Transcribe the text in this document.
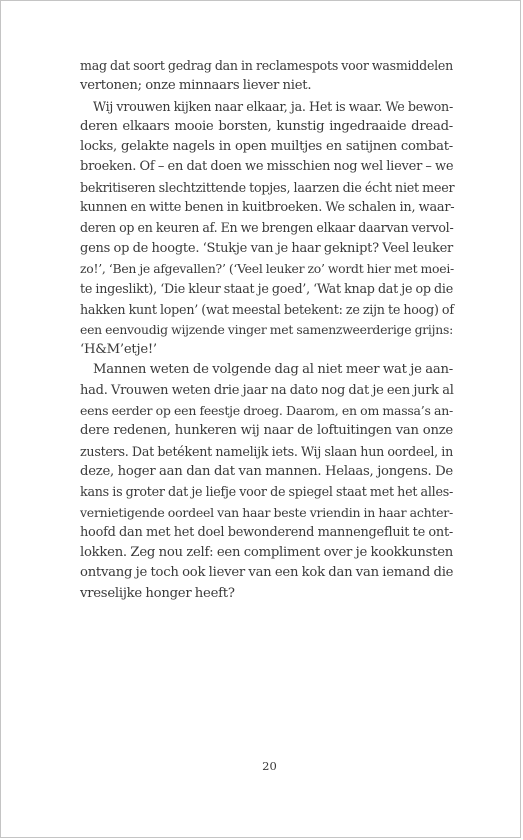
mag dat soort gedrag dan in reclamespots voor wasmiddelen
vertonen; onze minnaars liever niet.
Wij vrouwen kijken naar elkaar, ja. Het is waar. We bewon-
deren elkaars mooie borsten, kunstig ingedraaide dread-
locks, gelakte nagels in open muiltjes en satijnen combat-
broeken. Of – en dat doen we misschien nog wel liever – we
bekritiseren slechtzittende topjes, laarzen die écht niet meer
kunnen en witte benen in kuitbroeken. We schalen in, waar-
deren op en keuren af. En we brengen elkaar daarvan vervol-
gens op de hoogte. ‘Stukje van je haar geknipt? Veel leuker
zo!’, ‘Ben je afgevallen?’ (‘Veel leuker zo’ wordt hier met moei-
te ingeslikt), ‘Die kleur staat je goed’, ‘Wat knap dat je op die
hakken kunt lopen’ (wat meestal betekent: ze zijn te hoog) of
een eenvoudig wijzende vinger met samenzweerderige grijns:
‘H&M’etje!’
Mannen weten de volgende dag al niet meer wat je aan-
had. Vrouwen weten drie jaar na dato nog dat je een jurk al
eens eerder op een feestje droeg. Daarom, en om massa’s an-
dere redenen, hunkeren wij naar de loftuitingen van onze
zusters. Dat betékent namelijk iets. Wij slaan hun oordeel, in
deze, hoger aan dan dat van mannen. Helaas, jongens. De
kans is groter dat je liefje voor de spiegel staat met het alles-
vernietigende oordeel van haar beste vriendin in haar achter-
hoofd dan met het doel bewonderend mannengefluit te ont-
lokken. Zeg nou zelf: een compliment over je kookkunsten
ontvang je toch ook liever van een kok dan van iemand die
vreselijke honger heeft?
20
